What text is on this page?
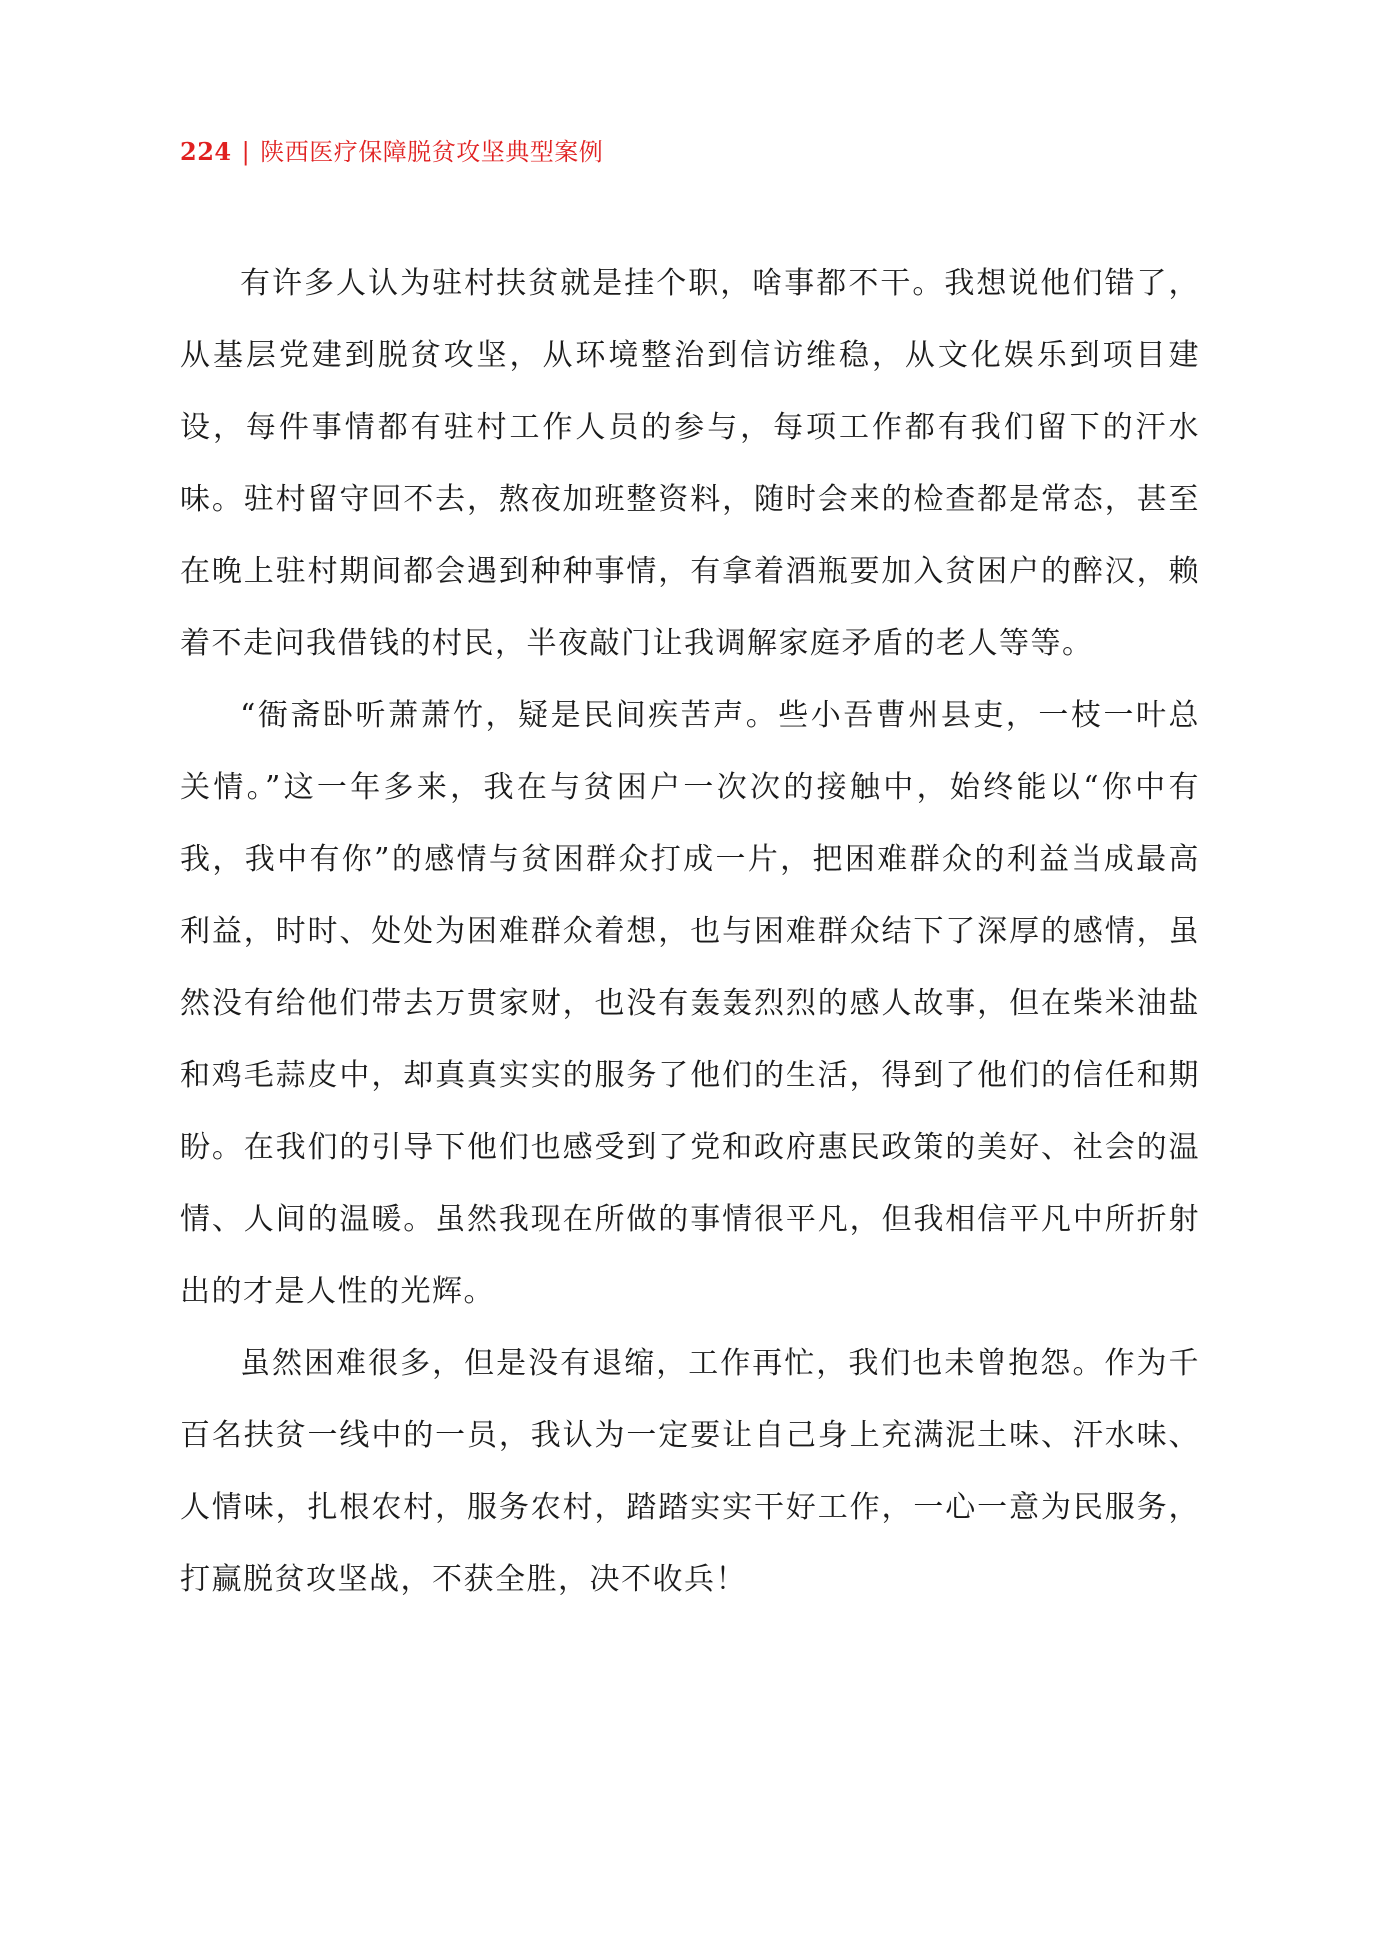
224 | 陕西医疗保障脱贫攻坚典型案例

有许多人认为驻村扶贫就是挂个职，啥事都不干。我想说他们错了，从基层党建到脱贫攻坚，从环境整治到信访维稳，从文化娱乐到项目建设，每件事情都有驻村工作人员的参与，每项工作都有我们留下的汗水味。驻村留守回不去，熬夜加班整资料，随时会来的检查都是常态，甚至在晚上驻村期间都会遇到种种事情，有拿着酒瓶要加入贫困户的醉汉，赖着不走问我借钱的村民，半夜敲门让我调解家庭矛盾的老人等等。

“衙斋卧听萧萧竹，疑是民间疾苦声。些小吾曹州县吏，一枝一叶总关情。”这一年多来，我在与贫困户一次次的接触中，始终能以“你中有我，我中有你”的感情与贫困群众打成一片，把困难群众的利益当成最高利益，时时、处处为困难群众着想，也与困难群众结下了深厚的感情，虽然没有给他们带去万贯家财，也没有轰轰烈烈的感人故事，但在柴米油盐和鸡毛蒜皮中，却真真实实的服务了他们的生活，得到了他们的信任和期盼。在我们的引导下他们也感受到了党和政府惠民政策的美好、社会的温情、人间的温暖。虽然我现在所做的事情很平凡，但我相信平凡中所折射出的才是人性的光辉。

虽然困难很多，但是没有退缩，工作再忙，我们也未曾抱怨。作为千百名扶贫一线中的一员，我认为一定要让自己身上充满泥土味、汗水味、人情味，扎根农村，服务农村，踏踏实实干好工作，一心一意为民服务，打赢脱贫攻坚战，不获全胜，决不收兵！
